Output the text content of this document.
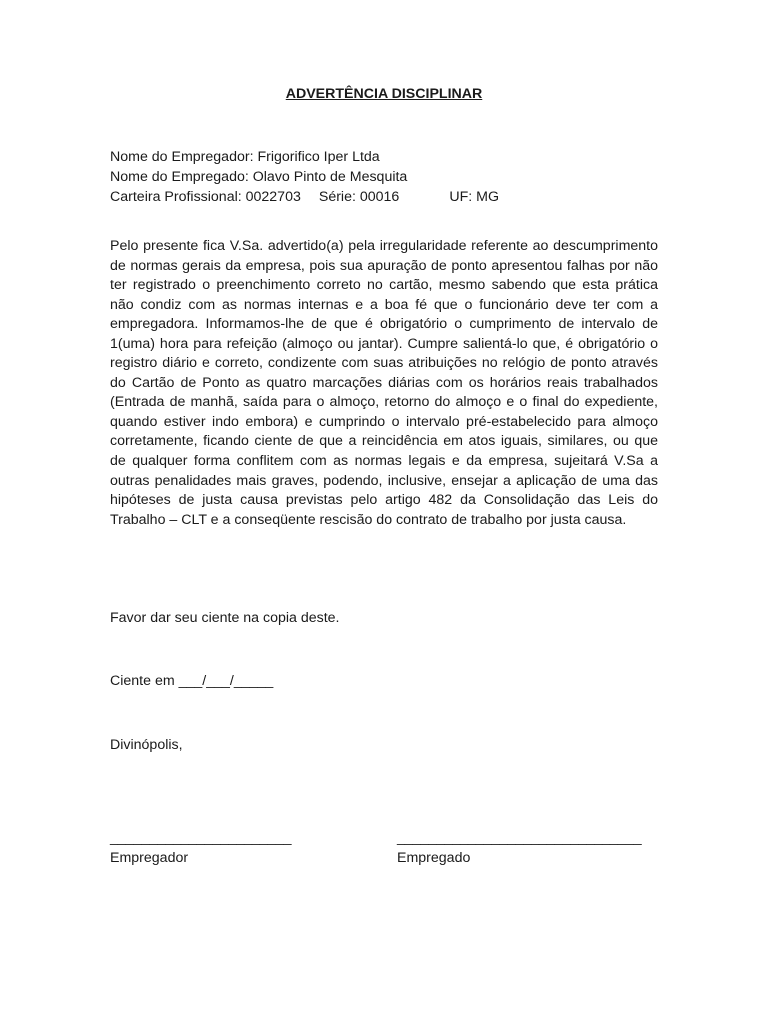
ADVERTÊNCIA DISCIPLINAR
Nome do Empregador: Frigorifico Iper Ltda
Nome do Empregado: Olavo Pinto de Mesquita
Carteira Profissional: 0022703 Série: 00016	UF: MG

Pelo presente fica V.Sa. advertido(a) pela irregularidade referente ao descumprimento de normas gerais da empresa, pois sua apuração de ponto apresentou falhas por não ter registrado o preenchimento correto no cartão, mesmo sabendo que esta prática não condiz com as normas internas e a boa fé que o funcionário deve ter com a empregadora. Informamos-lhe de que é obrigatório o cumprimento de intervalo de 1(uma) hora para refeição (almoço ou jantar). Cumpre salientá-lo que, é obrigatório o registro diário e correto, condizente com suas atribuições no relógio de ponto através do Cartão de Ponto as quatro marcações diárias com os horários reais trabalhados (Entrada de manhã, saída para o almoço, retorno do almoço e o final do expediente, quando estiver indo embora) e cumprindo o intervalo pré-estabelecido para almoço corretamente, ficando ciente de que a reincidência em atos iguais, similares, ou que de qualquer forma conflitem com as normas legais e da empresa, sujeitará V.Sa a outras penalidades mais graves, podendo, inclusive, ensejar a aplicação de uma das hipóteses de justa causa previstas pelo artigo 482 da Consolidação das Leis do Trabalho – CLT e a conseqüente rescisão do contrato de trabalho por justa causa.

Favor dar seu ciente na copia deste.
Ciente em ___/___/_____
Divinópolis,
_______________________
Empregador
_______________________________
Empregado
